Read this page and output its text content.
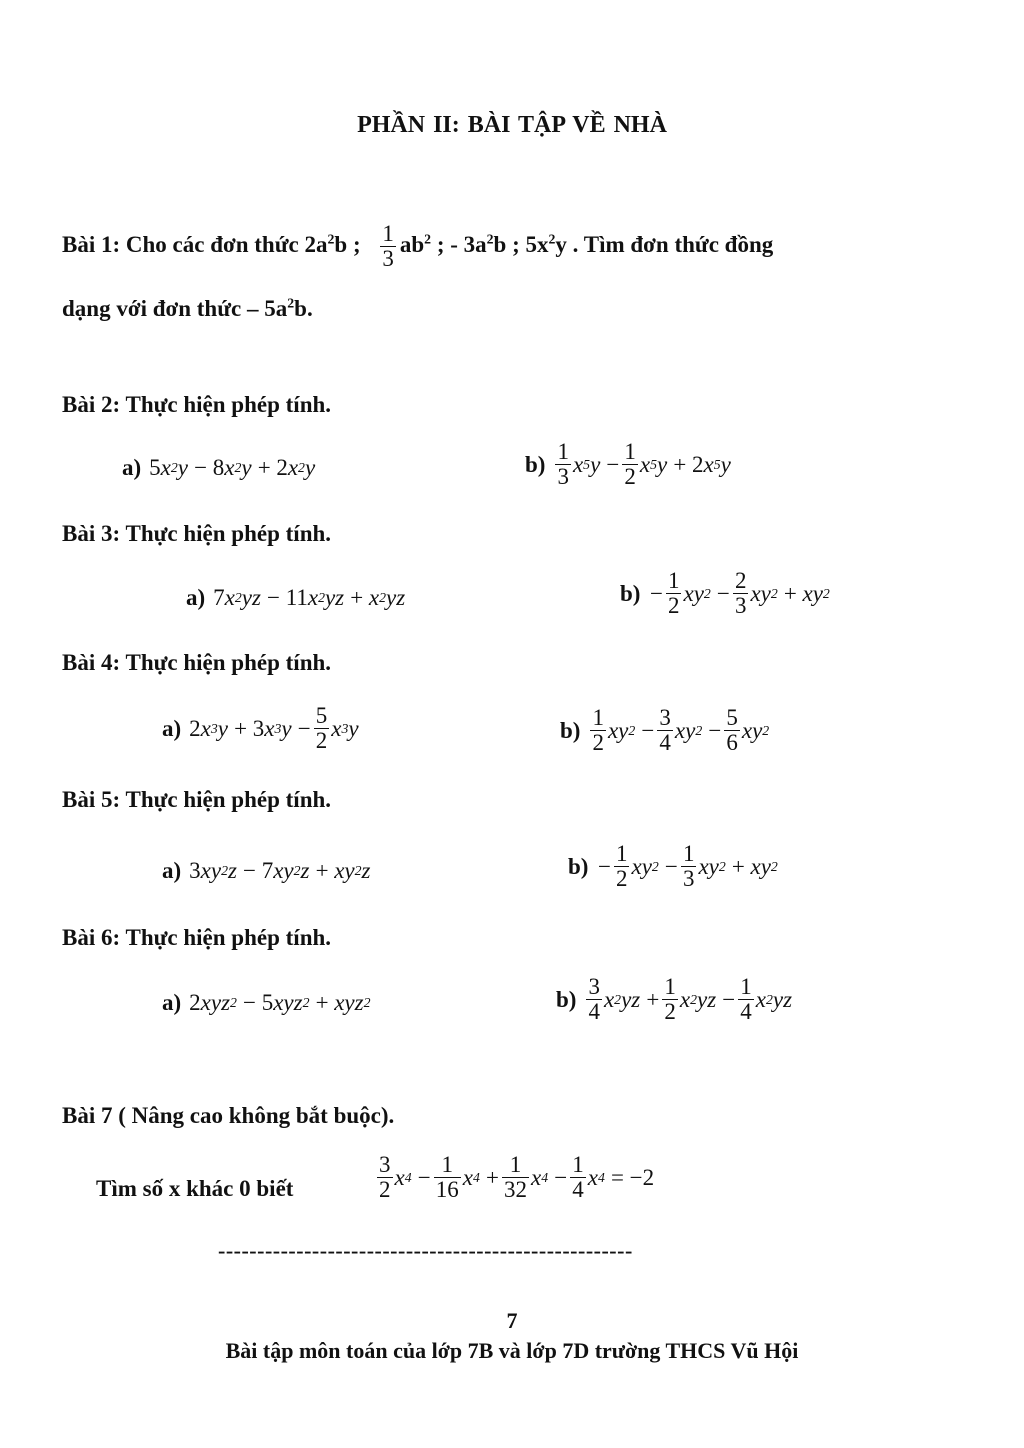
PHẦN II: BÀI TẬP VỀ NHÀ
Bài 1: Cho các đơn thức $2a^2b$ ; $\frac{1}{3} ab^2$ ; - $3a^2b$ ; $5x^2y$ . Tìm đơn thức đồng
dạng với đơn thức – $5a^2b$.
Bài 2: Thực hiện phép tính.
a) 5 x 2 y −  8 x 2 y +  2 x 2 y	$b) \frac{1}{3}$ x 5 $y - \frac{1}{2}$ x 5 y +  2 x 5 y
Bài 3: Thực hiện phép tính.
a) 7 x 2 yz −  11 x 2 yz + x 2 yz	$b) - \frac{1}{2}$ xy $2 - \frac{2}{3}$ xy 2  + xy 2
Bài 4: Thực hiện phép tính.
a) 2 x 3 y +  3 x 3 $y - \frac{5}{2}$ x 3 y	$b) \frac{1}{2}$ xy $2 - \frac{3}{4}$ xy $2 - \frac{5}{6}$ xy 2
Bài 5: Thực hiện phép tính.
a) 3 xy 2 z −  7 xy 2 z + xy 2 z	$b) - \frac{1}{2}$ xy $2 - \frac{1}{3}$ xy 2  + xy 2
Bài 6: Thực hiện phép tính.
a) 2 xyz 2  −  5 xyz 2  + xyz 2	$b) \frac{3}{4}$ x 2 yz + $\frac{1}{2}$ x 2 yz − $\frac{1}{4}$ x 2 yz
Bài 7 ( Nâng cao không bắt buộc).
Tìm số x khác 0 biết	$\frac{3}{2}$ x $4 - \frac{1}{16}$ x $4 + \frac{1}{32}$ x $4 - \frac{1}{4}$ x 4  =  −2
-----------------------------------------------------
7
Bài tập môn toán của lớp 7B và lớp 7D trường THCS Vũ Hội
